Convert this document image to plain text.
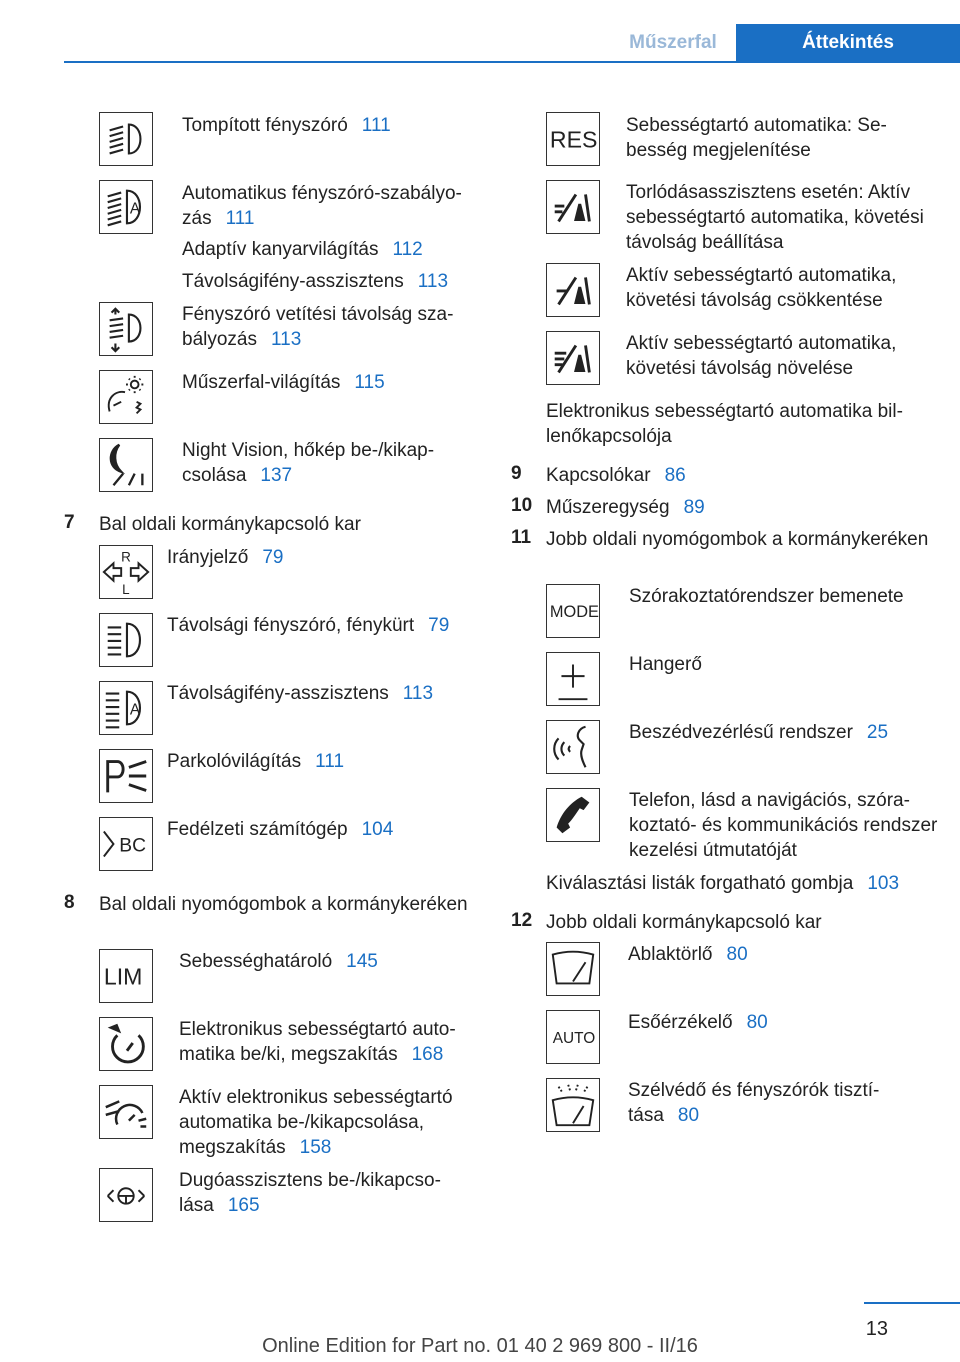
Műszerfal	Áttekintés
Tompított fényszóró 111
A
Automatikus fényszóró-szabályozás 111
Adaptív kanyarvilágítás 112
Távolságifény-asszisztens 113
Fényszóró vetítési távolság szabályozás 113
Műszerfal-világítás 115
Night Vision, hőkép be-/kikapcsolása 137
7 Bal oldali kormánykapcsoló kar
R
L
Irányjelző 79
Távolsági fényszóró, fénykürt 79
A
Távolságifény-asszisztens 113
Parkolóvilágítás 111
BC
Fedélzeti számítógép 104
8 Bal oldali nyomógombok a kormánykeréken
LIM
Sebességhatároló 145
Elektronikus sebességtartó automatika be/ki, megszakítás 168
Aktív elektronikus sebességtartó automatika be-/kikapcsolása, megszakítás 158
Dugóasszisztens be-/kikapcsolása 165
RES
Sebességtartó automatika: Sebesség megjelenítése
Torlódásasszisztens esetén: Aktív sebességtartó automatika, követési távolság beállítása
Aktív sebességtartó automatika, követési távolság csökkentése
Aktív sebességtartó automatika, követési távolság növelése
Elektronikus sebességtartó automatika billenőkapcsolója
9 Kapcsolókar 86
10 Műszeregység 89
11 Jobb oldali nyomógombok a kormánykeréken
MODE
Szórakoztatórendszer bemenete
Hangerő
Beszédvezérlésű rendszer 25
Telefon, lásd a navigációs, szórakoztató- és kommunikációs rendszer kezelési útmutatóját
Kiválasztási listák forgatható gombja 103
12 Jobb oldali kormánykapcsoló kar
Ablaktörlő 80
AUTO
Esőérzékelő 80
Szélvédő és fényszórók tisztítása 80
13
Online Edition for Part no. 01 40 2 969 800 - II/16
